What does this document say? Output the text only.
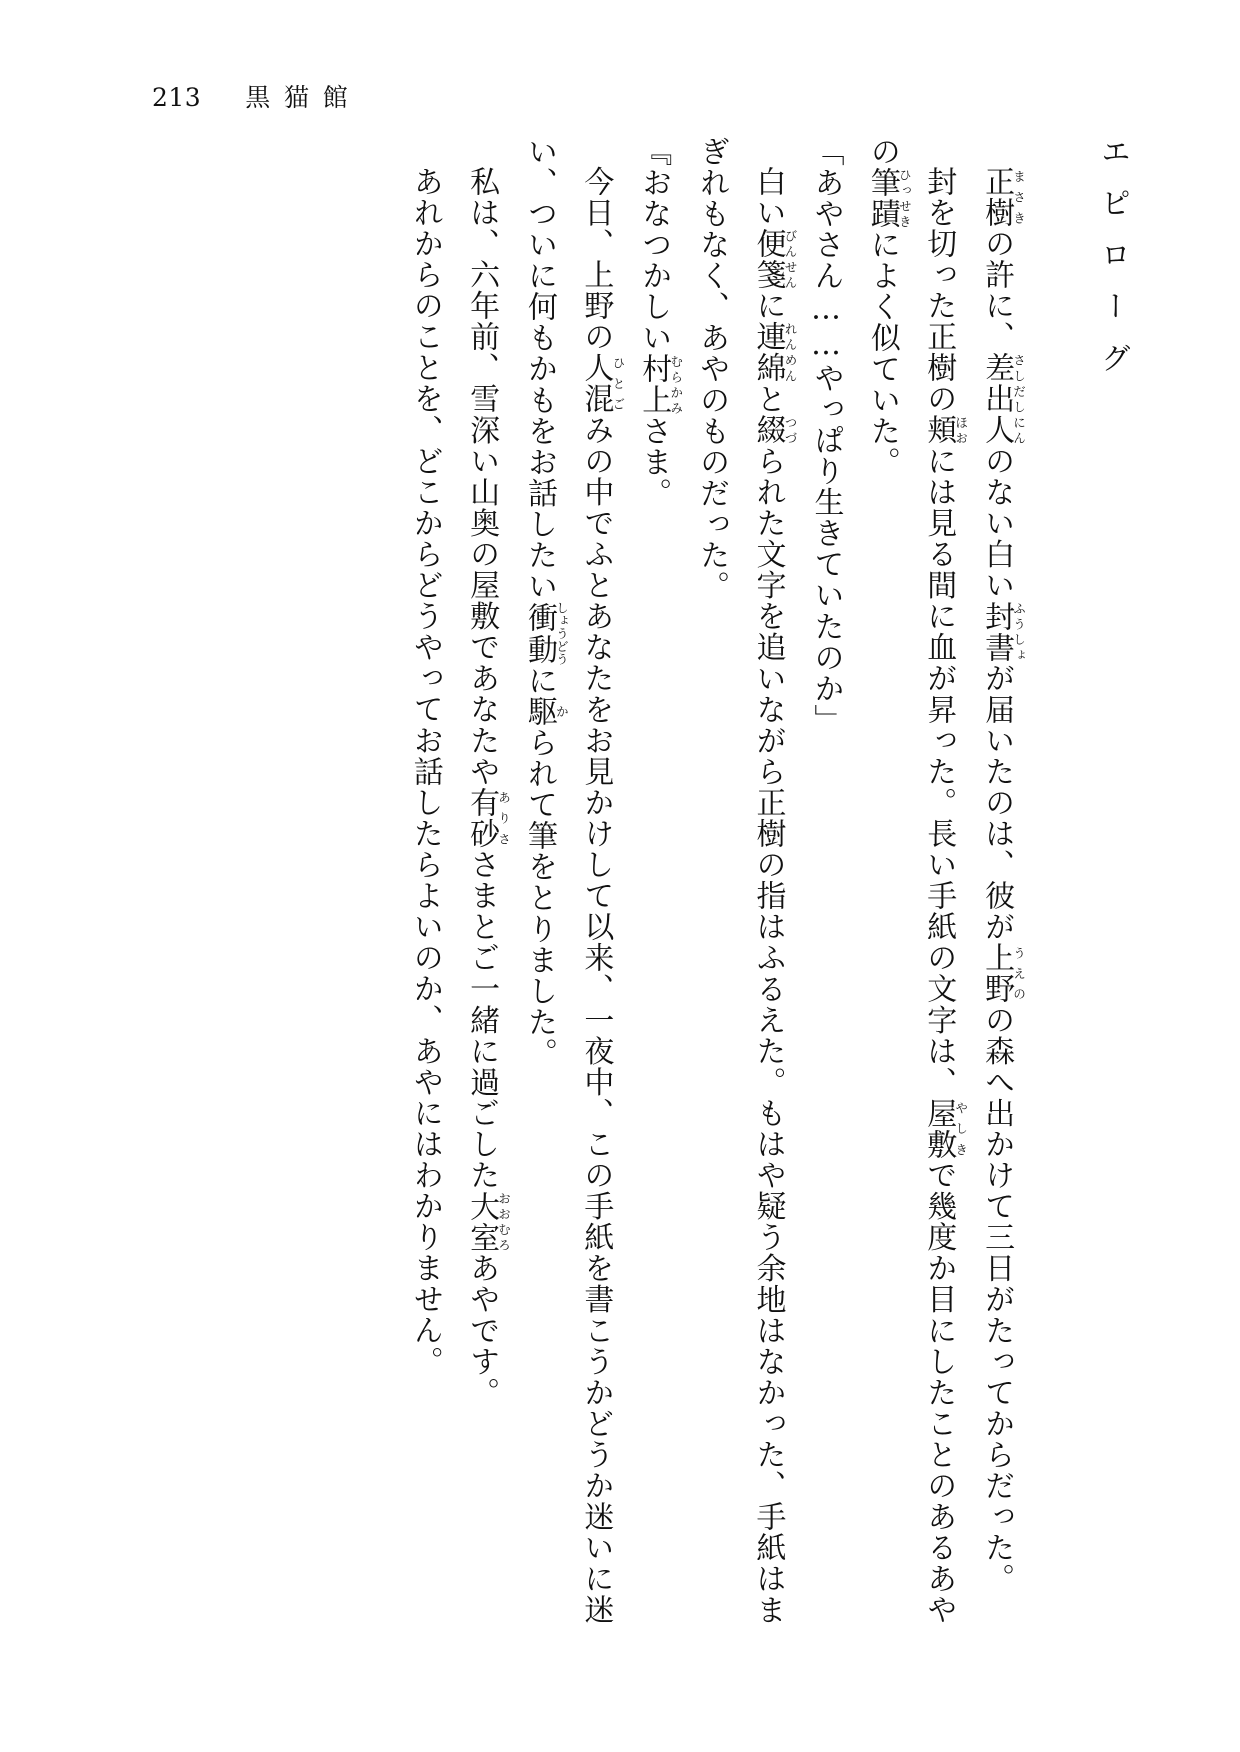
213 黒猫館
エピローグ

正樹まさきの許に、差出人さしだしにんのない白い封書ふうしょが届いたのは、彼が上野うえのの森へ出かけて三日がたってからだった。

封を切った正樹の頬ほおには見る間に血が昇った。長い手紙の文字は、屋敷やしきで幾度か目にしたことのあるあやの筆蹟ひっせきによく似ていた。

「あやさん……やっぱり生きていたのか」

白い便箋びんせんに連綿れんめんと綴つづられた文字を追いながら正樹の指はふるえた。もはや疑う余地はなかった、手紙はまぎれもなく、あやのものだった。

『おなつかしい村上むらかみさま。

今日、上野の人混ひとごみの中でふとあなたをお見かけして以来、一夜中、この手紙を書こうかどうか迷いに迷い、ついに何もかもをお話したい衝動しょうどうに駆かられて筆をとりました。

私は、六年前、雪深い山奥の屋敷であなたや有砂ありささまとご一緒に過ごした大室おおむろあやです。

あれからのことを、どこからどうやってお話したらよいのか、あやにはわかりません。
